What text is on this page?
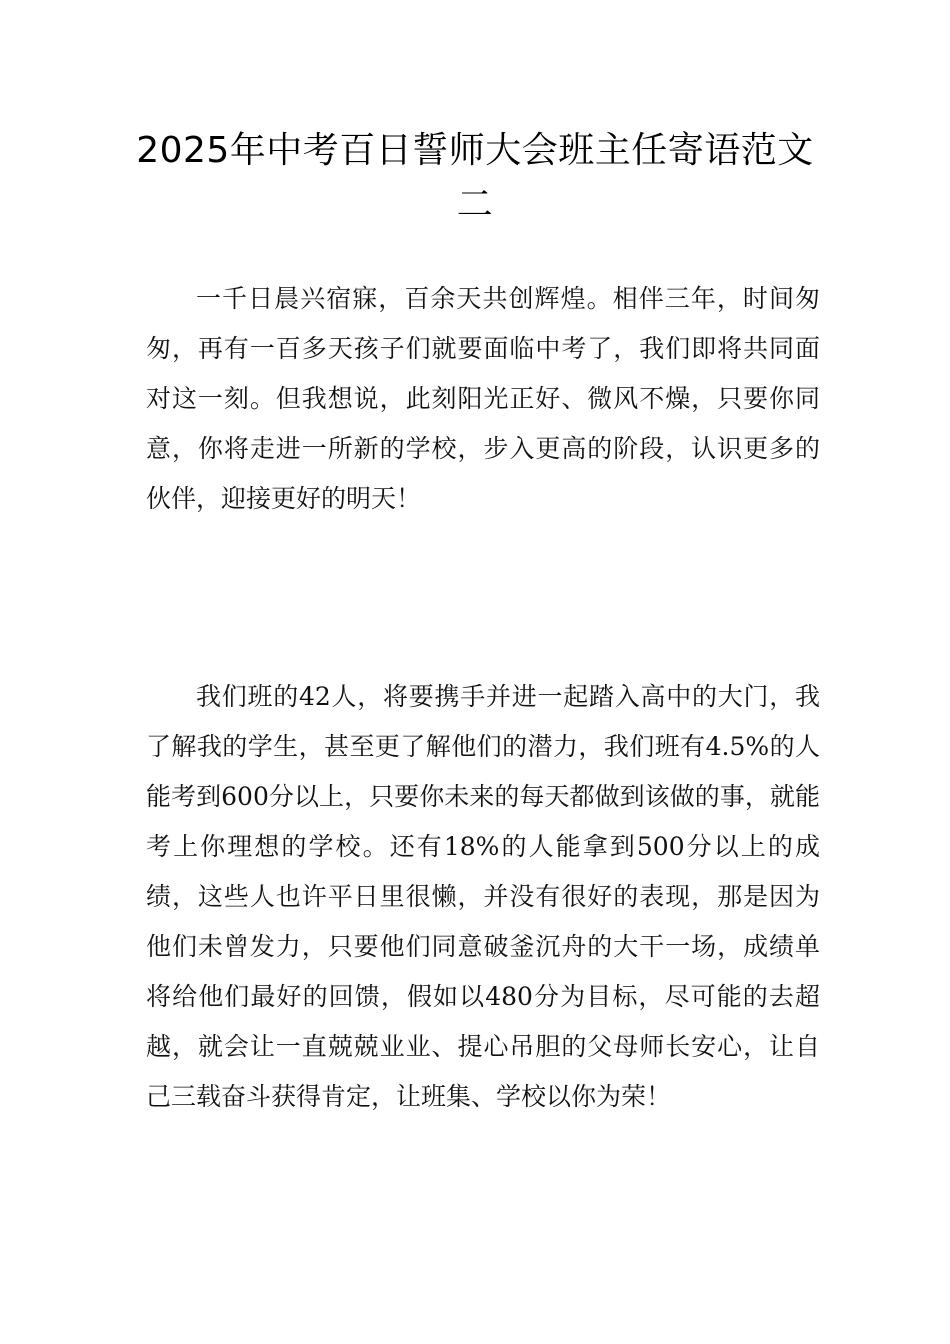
2025年中考百日誓师大会班主任寄语范文二

一千日晨兴宿寐，百余天共创辉煌。相伴三年，时间匆匆，再有一百多天孩子们就要面临中考了，我们即将共同面对这一刻。但我想说，此刻阳光正好、微风不燥，只要你同意，你将走进一所新的学校，步入更高的阶段，认识更多的伙伴，迎接更好的明天！

我们班的42人，将要携手并进一起踏入高中的大门，我了解我的学生，甚至更了解他们的潜力，我们班有4.5%的人能考到600分以上，只要你未来的每天都做到该做的事，就能考上你理想的学校。还有18%的人能拿到500分以上的成绩，这些人也许平日里很懒，并没有很好的表现，那是因为他们未曾发力，只要他们同意破釜沉舟的大干一场，成绩单将给他们最好的回馈，假如以480分为目标，尽可能的去超越，就会让一直兢兢业业、提心吊胆的父母师长安心，让自己三载奋斗获得肯定，让班集、学校以你为荣！
